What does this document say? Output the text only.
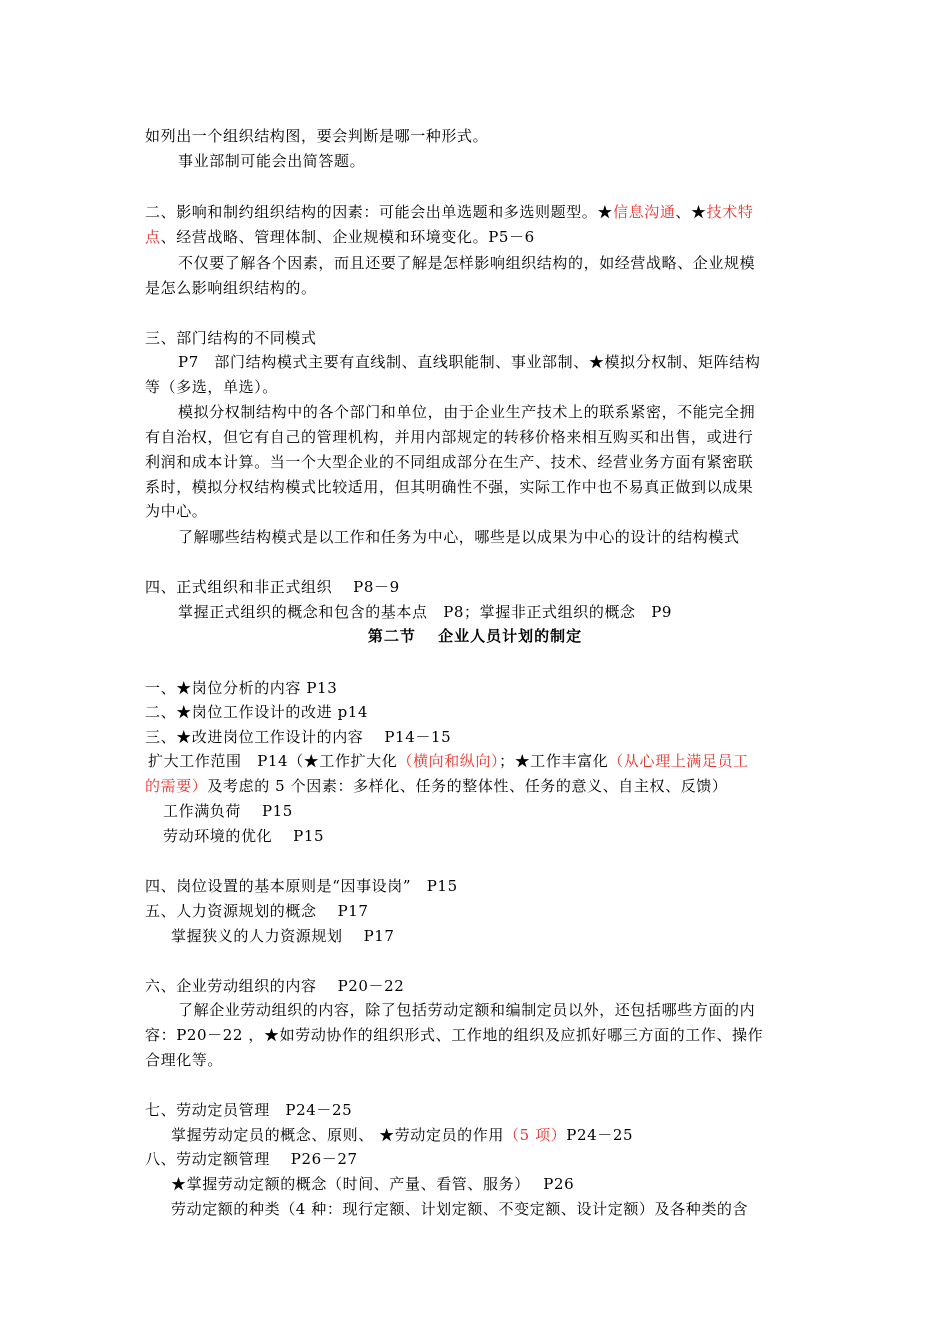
如列出一个组织结构图，要会判断是哪一种形式。
事业部制可能会出简答题。
二、影响和制约组织结构的因素：可能会出单选题和多选则题型。★信息沟通、★技术特
点、经营战略、管理体制、企业规模和环境变化。P5－6
不仅要了解各个因素，而且还要了解是怎样影响组织结构的，如经营战略、企业规模
是怎么影响组织结构的。
三、部门结构的不同模式
P7　部门结构模式主要有直线制、直线职能制、事业部制、★模拟分权制、矩阵结构
等（多选，单选）。
模拟分权制结构中的各个部门和单位，由于企业生产技术上的联系紧密，不能完全拥
有自治权，但它有自己的管理机构，并用内部规定的转移价格来相互购买和出售，或进行
利润和成本计算。当一个大型企业的不同组成部分在生产、技术、经营业务方面有紧密联
系时，模拟分权结构模式比较适用，但其明确性不强，实际工作中也不易真正做到以成果
为中心。
了解哪些结构模式是以工作和任务为中心，哪些是以成果为中心的设计的结构模式
四、正式组织和非正式组织　 P8－9
掌握正式组织的概念和包含的基本点　P8；掌握非正式组织的概念　P9
第二节　 企业人员计划的制定
一、★岗位分析的内容 P13
二、★岗位工作设计的改进 p14
三、★改进岗位工作设计的内容　 P14－15
扩大工作范围　P14（★工作扩大化（横向和纵向）；★工作丰富化（从心理上满足员工
的需要）及考虑的 5 个因素：多样化、任务的整体性、任务的意义、自主权、反馈）
工作满负荷　 P15
劳动环境的优化　 P15
四、岗位设置的基本原则是“因事设岗”　P15
五、人力资源规划的概念　 P17
掌握狭义的人力资源规划　 P17
六、企业劳动组织的内容　 P20－22
了解企业劳动组织的内容，除了包括劳动定额和编制定员以外，还包括哪些方面的内
容：P20－22 ，★如劳动协作的组织形式、工作地的组织及应抓好哪三方面的工作、操作
合理化等。
七、劳动定员管理　P24－25
掌握劳动定员的概念、原则、 ★劳动定员的作用（5 项）P24－25
八、劳动定额管理　 P26－27
★掌握劳动定额的概念（时间、产量、看管、服务）　 P26
劳动定额的种类（4 种：现行定额、计划定额、不变定额、设计定额）及各种类的含
